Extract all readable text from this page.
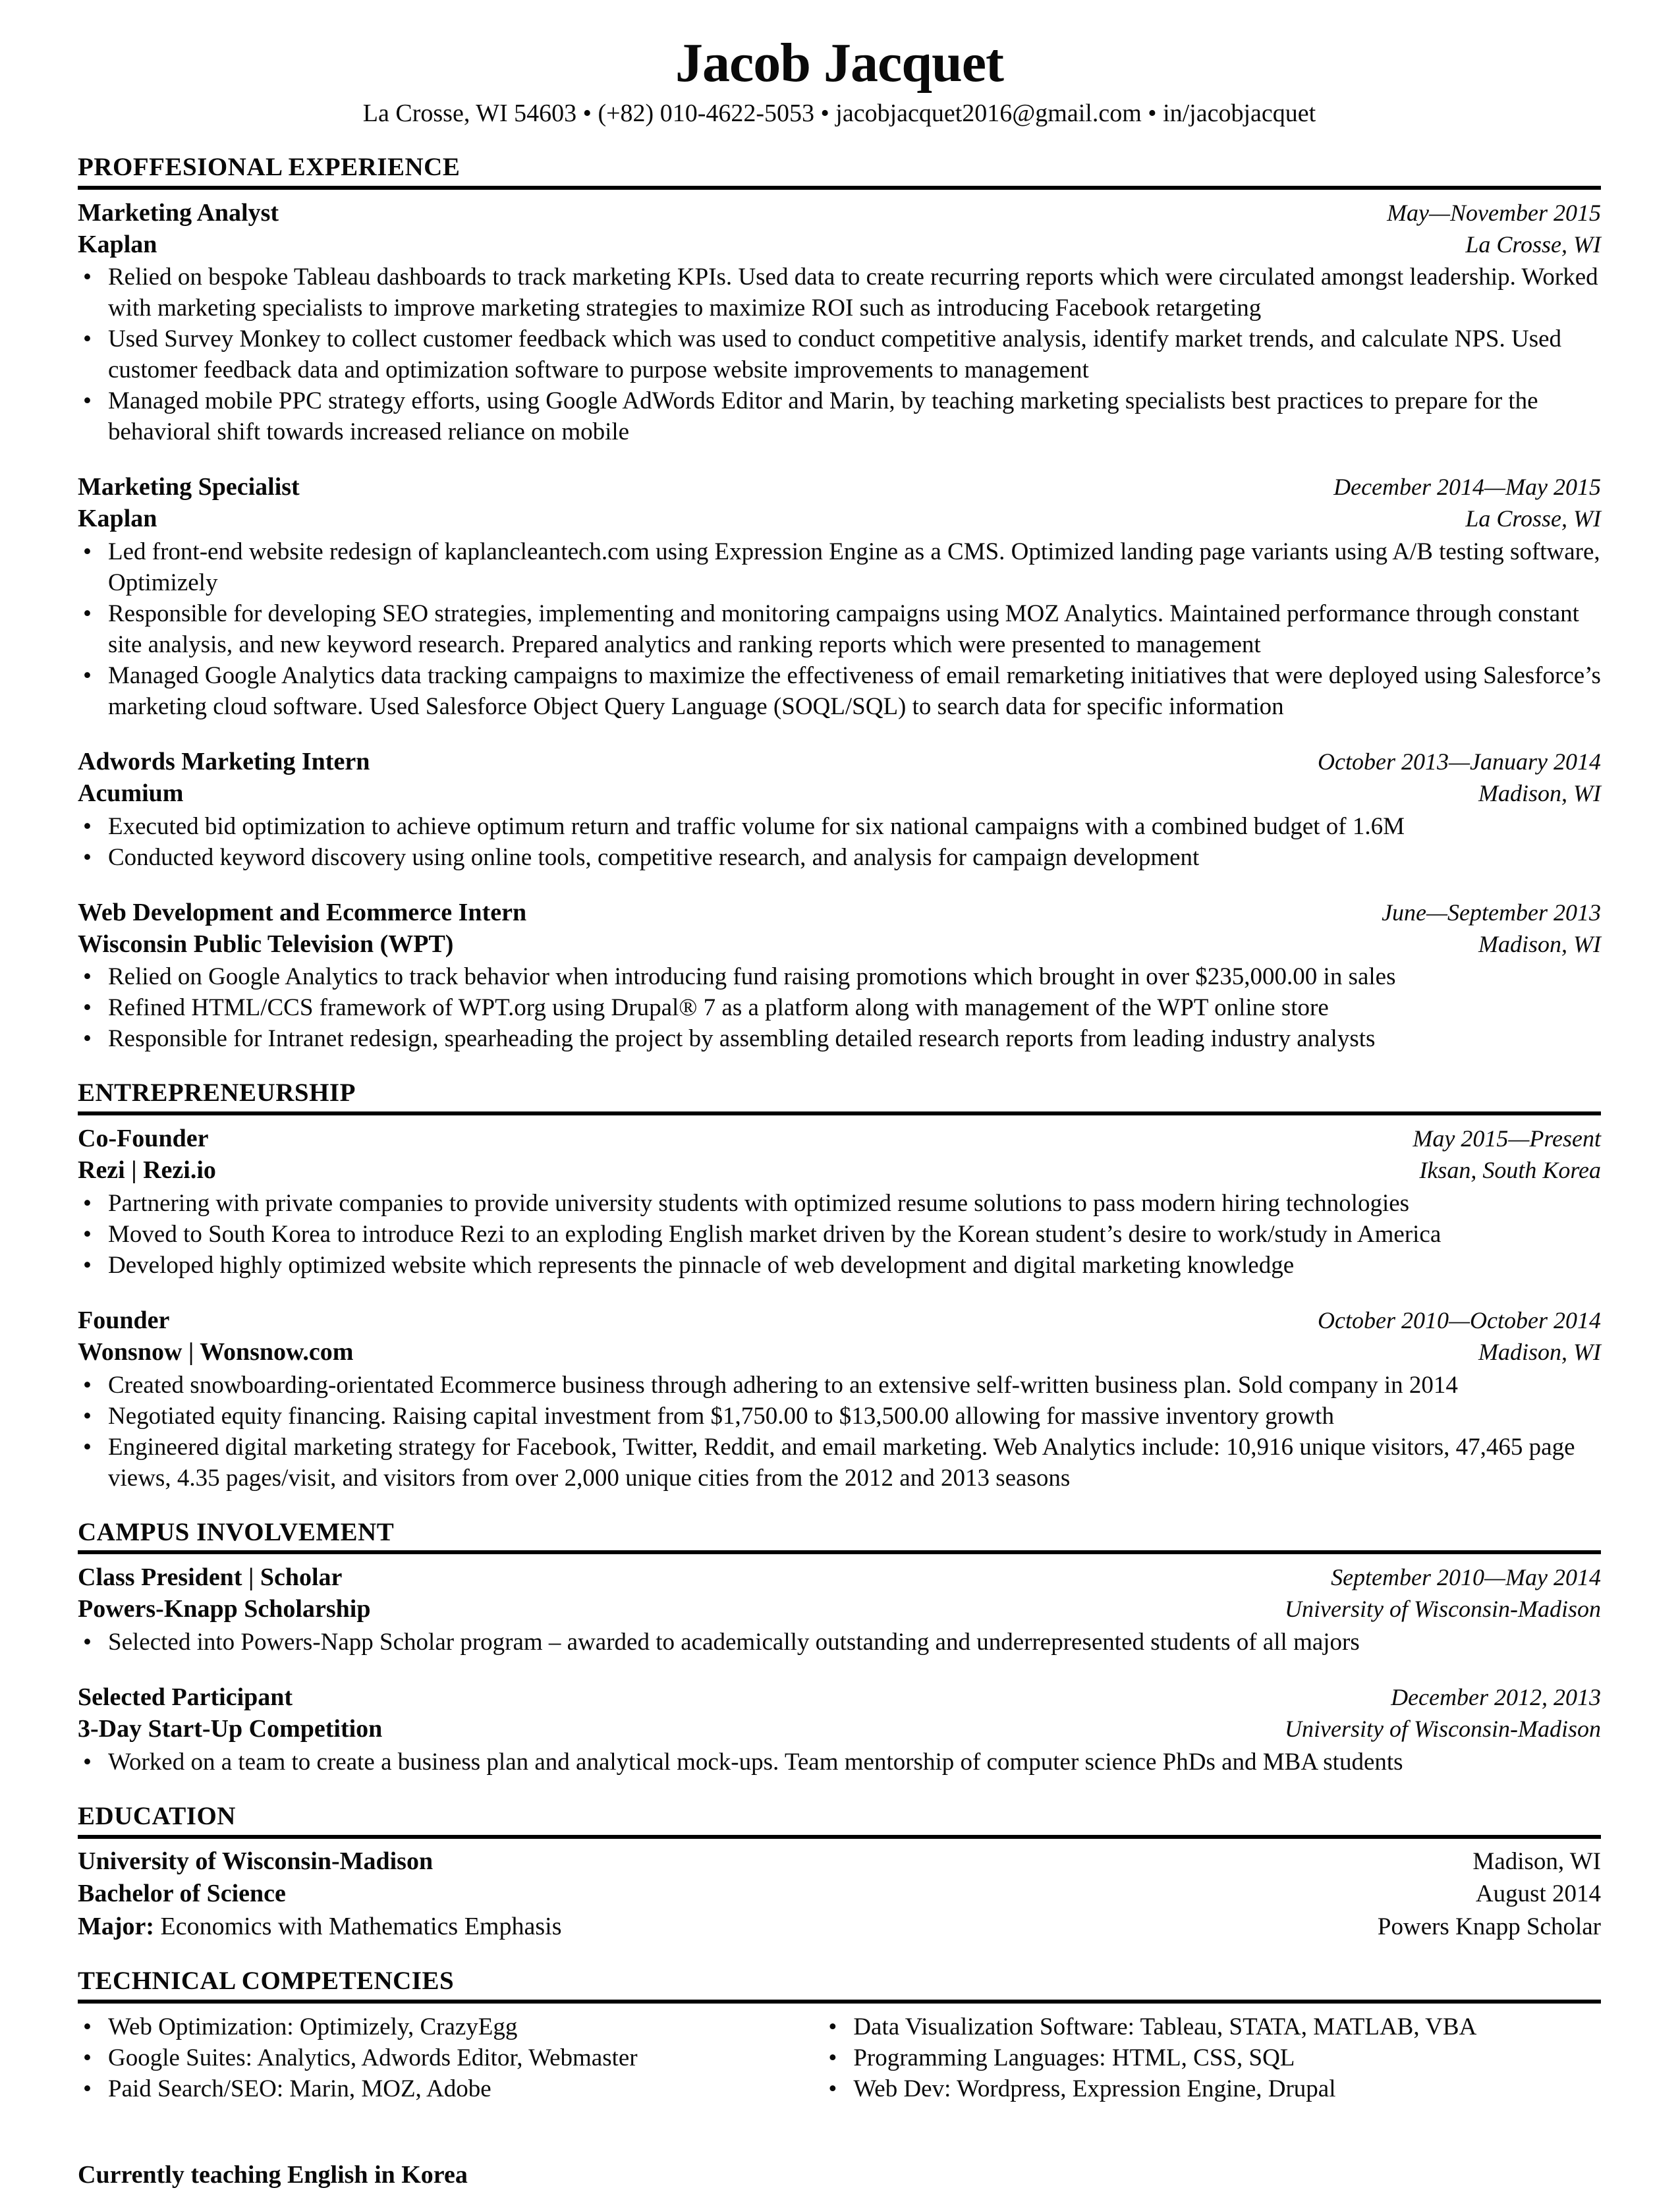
Jacob Jacquet
La Crosse, WI 54603 • (+82) 010-4622-5053 • jacobjacquet2016@gmail.com • in/jacobjacquet
PROFFESIONAL EXPERIENCE
Marketing Analyst	May—November 2015
Kaplan	La Crosse, WI
• Relied on bespoke Tableau dashboards to track marketing KPIs. Used data to create recurring reports which were circulated amongst leadership. Worked with marketing specialists to improve marketing strategies to maximize ROI such as introducing Facebook retargeting
• Used Survey Monkey to collect customer feedback which was used to conduct competitive analysis, identify market trends, and calculate NPS. Used customer feedback data and optimization software to purpose website improvements to management
• Managed mobile PPC strategy efforts, using Google AdWords Editor and Marin, by teaching marketing specialists best practices to prepare for the behavioral shift towards increased reliance on mobile
Marketing Specialist	December 2014—May 2015
Kaplan	La Crosse, WI
• Led front-end website redesign of kaplancleantech.com using Expression Engine as a CMS. Optimized landing page variants using A/B testing software, Optimizely
• Responsible for developing SEO strategies, implementing and monitoring campaigns using MOZ Analytics. Maintained performance through constant site analysis, and new keyword research. Prepared analytics and ranking reports which were presented to management
• Managed Google Analytics data tracking campaigns to maximize the effectiveness of email remarketing initiatives that were deployed using Salesforce’s marketing cloud software. Used Salesforce Object Query Language (SOQL/SQL) to search data for specific information
Adwords Marketing Intern	October 2013—January 2014
Acumium	Madison, WI
• Executed bid optimization to achieve optimum return and traffic volume for six national campaigns with a combined budget of 1.6M
• Conducted keyword discovery using online tools, competitive research, and analysis for campaign development
Web Development and Ecommerce Intern	June—September 2013
Wisconsin Public Television (WPT)	Madison, WI
• Relied on Google Analytics to track behavior when introducing fund raising promotions which brought in over $235,000.00 in sales
• Refined HTML/CCS framework of WPT.org using Drupal® 7 as a platform along with management of the WPT online store
• Responsible for Intranet redesign, spearheading the project by assembling detailed research reports from leading industry analysts
ENTREPRENEURSHIP
Co-Founder	May 2015—Present
Rezi | Rezi.io	Iksan, South Korea
• Partnering with private companies to provide university students with optimized resume solutions to pass modern hiring technologies
• Moved to South Korea to introduce Rezi to an exploding English market driven by the Korean student’s desire to work/study in America
• Developed highly optimized website which represents the pinnacle of web development and digital marketing knowledge
Founder	October 2010—October 2014
Wonsnow | Wonsnow.com	Madison, WI
• Created snowboarding-orientated Ecommerce business through adhering to an extensive self-written business plan. Sold company in 2014
• Negotiated equity financing. Raising capital investment from $1,750.00 to $13,500.00 allowing for massive inventory growth
• Engineered digital marketing strategy for Facebook, Twitter, Reddit, and email marketing. Web Analytics include: 10,916 unique visitors, 47,465 page views, 4.35 pages/visit, and visitors from over 2,000 unique cities from the 2012 and 2013 seasons
CAMPUS INVOLVEMENT
Class President | Scholar	September 2010—May 2014
Powers-Knapp Scholarship	University of Wisconsin-Madison
• Selected into Powers-Napp Scholar program – awarded to academically outstanding and underrepresented students of all majors
Selected Participant	December 2012, 2013
3-Day Start-Up Competition	University of Wisconsin-Madison
• Worked on a team to create a business plan and analytical mock-ups. Team mentorship of computer science PhDs and MBA students
EDUCATION
University of Wisconsin-Madison	Madison, WI
Bachelor of Science	August 2014
Major: Economics with Mathematics Emphasis	Powers Knapp Scholar
TECHNICAL COMPETENCIES
• Web Optimization: Optimizely, CrazyEgg
• Google Suites: Analytics, Adwords Editor, Webmaster
• Paid Search/SEO: Marin, MOZ, Adobe
• Data Visualization Software: Tableau, STATA, MATLAB, VBA
• Programming Languages: HTML, CSS, SQL
• Web Dev: Wordpress, Expression Engine, Drupal
Currently teaching English in Korea
